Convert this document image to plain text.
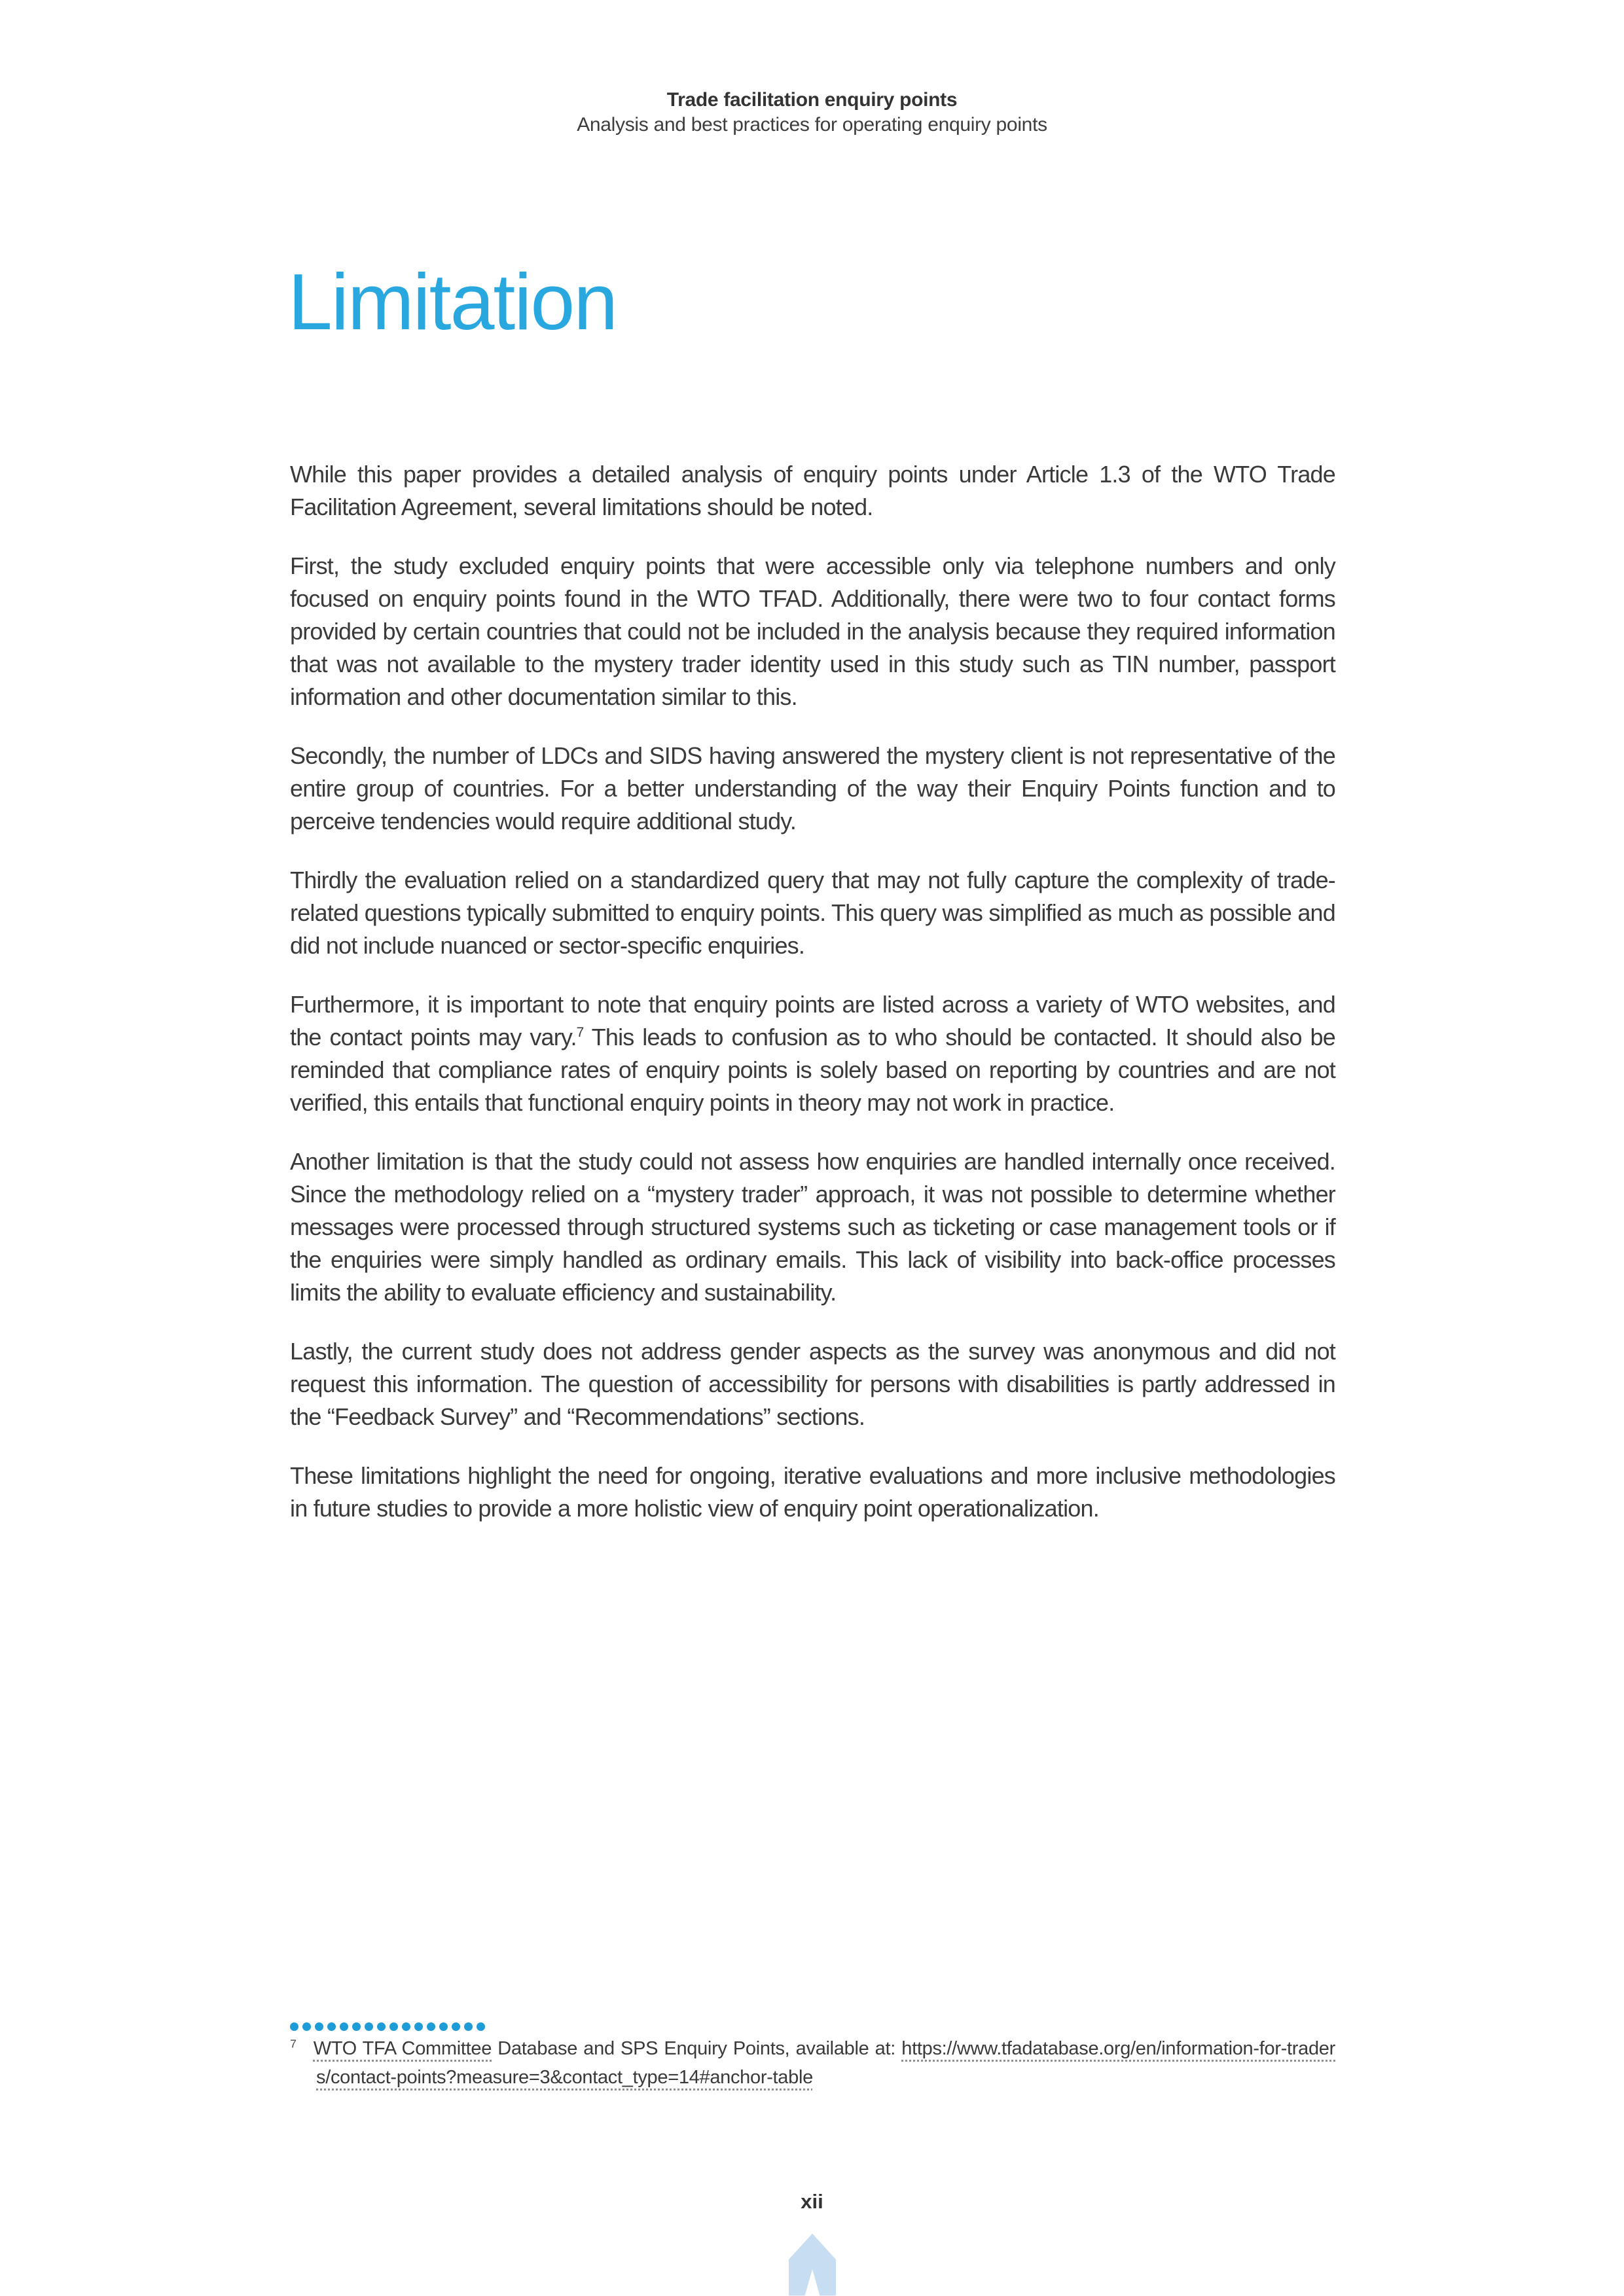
Trade facilitation enquiry points
Analysis and best practices for operating enquiry points
Limitation

While this paper provides a detailed analysis of enquiry points under Article 1.3 of the WTO Trade Facilitation Agreement, several limitations should be noted.

First, the study excluded enquiry points that were accessible only via telephone numbers and only focused on enquiry points found in the WTO TFAD. Additionally, there were two to four contact forms provided by certain countries that could not be included in the analysis because they required information that was not available to the mystery trader identity used in this study such as TIN number, passport information and other documentation similar to this.

Secondly, the number of LDCs and SIDS having answered the mystery client is not representative of the entire group of countries. For a better understanding of the way their Enquiry Points function and to perceive tendencies would require additional study.

Thirdly the evaluation relied on a standardized query that may not fully capture the complexity of trade-related questions typically submitted to enquiry points. This query was simplified as much as possible and did not include nuanced or sector-specific enquiries.

Furthermore, it is important to note that enquiry points are listed across a variety of WTO websites, and the contact points may vary.$^7$ This leads to confusion as to who should be contacted. It should also be reminded that compliance rates of enquiry points is solely based on reporting by countries and are not verified, this entails that functional enquiry points in theory may not work in practice.

Another limitation is that the study could not assess how enquiries are handled internally once received. Since the methodology relied on a “mystery trader” approach, it was not possible to determine whether messages were processed through structured systems such as ticketing or case management tools or if the enquiries were simply handled as ordinary emails. This lack of visibility into back-office processes limits the ability to evaluate efficiency and sustainability.

Lastly, the current study does not address gender aspects as the survey was anonymous and did not request this information. The question of accessibility for persons with disabilities is partly addressed in the “Feedback Survey” and “Recommendations” sections.

These limitations highlight the need for ongoing, iterative evaluations and more inclusive methodologies in future studies to provide a more holistic view of enquiry point operationalization.

$^7$ WTO TFA Committee Database and SPS Enquiry Points, available at: https://www.tfadatabase.org/en/information-for-traders/contact-points?measure=3&contact_type=14#anchor-table

xii
